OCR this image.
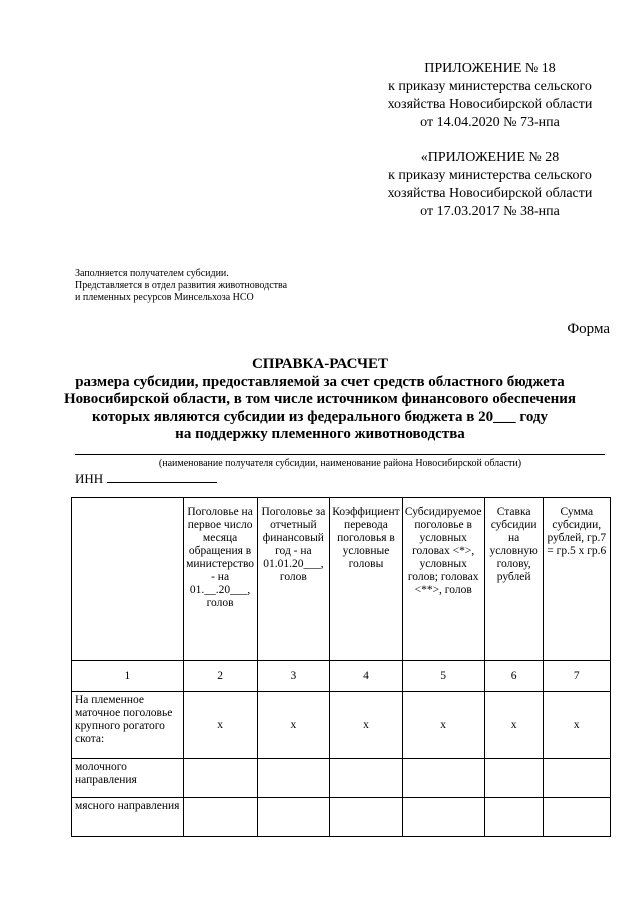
ПРИЛОЖЕНИЕ № 18
к приказу министерства сельского
хозяйства Новосибирской области
от 14.04.2020 № 73-нпа
«ПРИЛОЖЕНИЕ № 28
к приказу министерства сельского
хозяйства Новосибирской области
от 17.03.2017 № 38-нпа
Заполняется получателем субсидии.
Представляется в отдел развития животноводства
и племенных ресурсов Минсельхоза НСО
Форма
СПРАВКА-РАСЧЕТ
размера субсидии, предоставляемой за счет средств областного бюджета
Новосибирской области, в том числе источником финансового обеспечения
которых являются субсидии из федерального бюджета в 20___ году
на поддержку племенного животноводства
(наименование получателя субсидии, наименование района Новосибирской области)
ИНН
	Поголовье на первое число месяца обращения в министерство - на 01.__.20___, голов	Поголовье за отчетный финансовый год - на 01.01.20___, голов	Коэффициент перевода поголовья в условные головы	Субсидируемое поголовье в условных головах <*>, условных голов; головах <**>, голов	Ставка субсидии на условную голову, рублей	Сумма субсидии, рублей, гр.7 = гр.5 x гр.6
1	2	3	4	5	6	7
На племенное маточное поголовье крупного рогатого скота:	x	x	x	x	x	x
молочного направления						
мясного направления						
